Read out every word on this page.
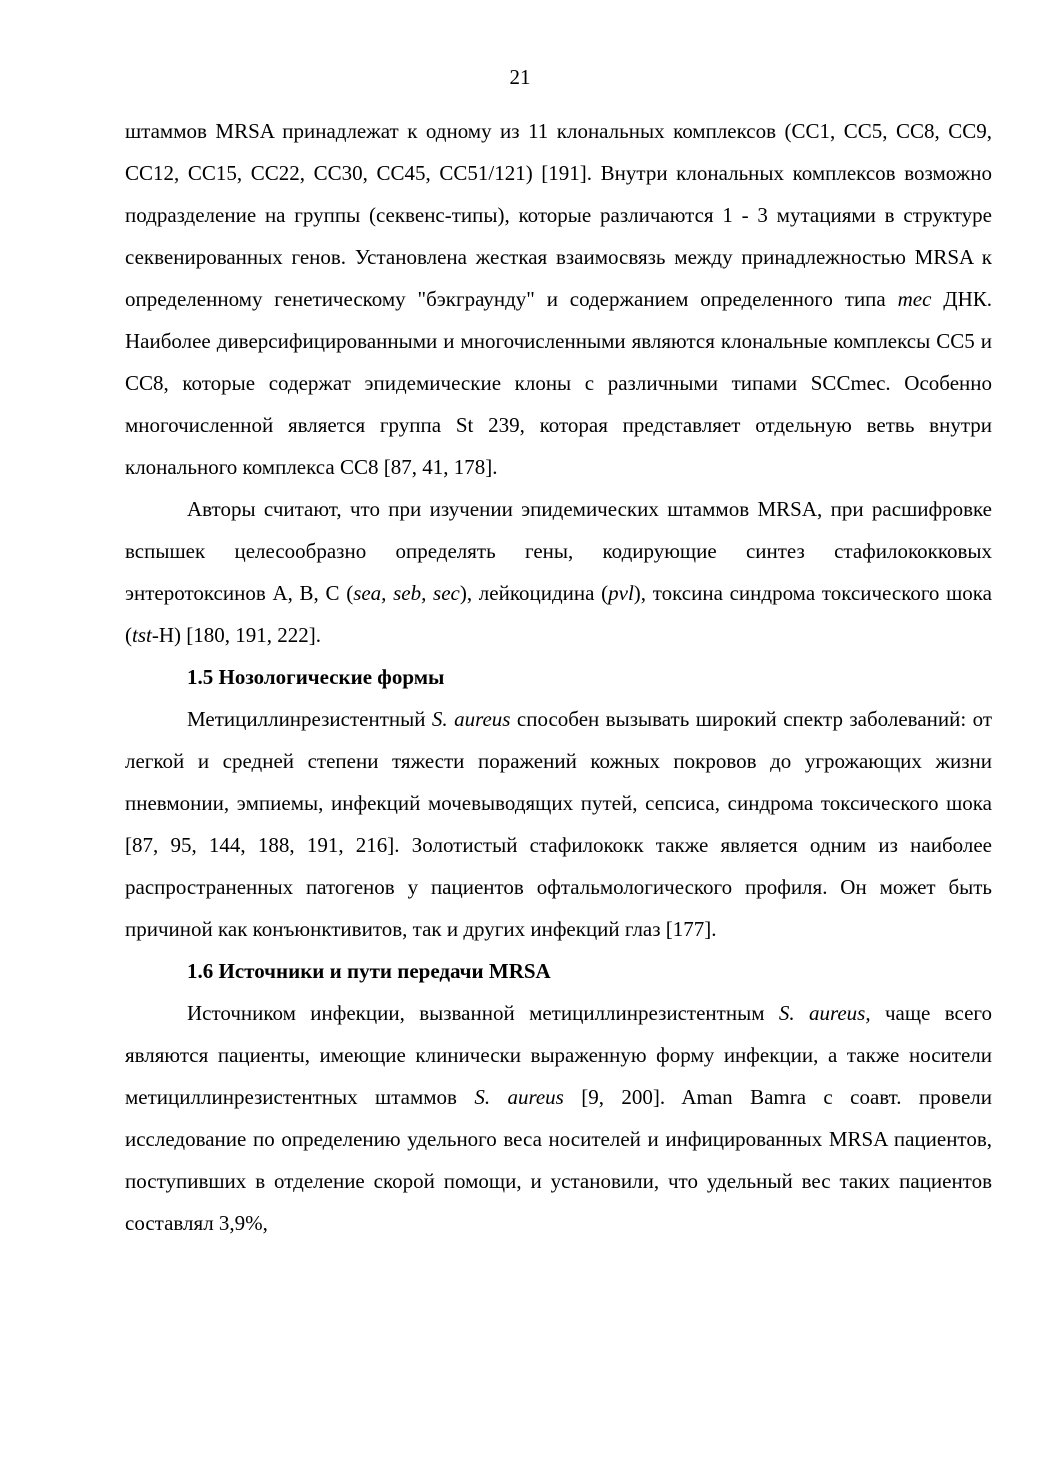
21

штаммов MRSA принадлежат к одному из 11 клональных комплексов (CC1, CC5, CC8, CC9, CC12, CC15, CC22, CC30, CC45, CC51/121) [191]. Внутри клональных комплексов возможно подразделение на группы (секвенс-типы), которые различаются 1 - 3 мутациями в структуре секвенированных генов. Установлена жесткая взаимосвязь между принадлежностью MRSA к определенному генетическому "бэкграунду" и содержанием определенного типа mec ДНК. Наиболее диверсифицированными и многочисленными являются клональные комплексы CC5 и CC8, которые содержат эпидемические клоны с различными типами SCCmec. Особенно многочисленной является группа St 239, которая представляет отдельную ветвь внутри клонального комплекса CC8 [87, 41, 178].

Авторы считают, что при изучении эпидемических штаммов MRSA, при расшифровке вспышек целесообразно определять гены, кодирующие синтез стафилококковых энтеротоксинов А, В, С (sea, seb, sec), лейкоцидина (pvl), токсина синдрома токсического шока (tst-Н) [180, 191, 222].

1.5 Нозологические формы

Метициллинрезистентный S. aureus способен вызывать широкий спектр заболеваний: от легкой и средней степени тяжести поражений кожных покровов до угрожающих жизни пневмонии, эмпиемы, инфекций мочевыводящих путей, сепсиса, синдрома токсического шока [87, 95, 144, 188, 191, 216]. Золотистый стафилококк также является одним из наиболее распространенных патогенов у пациентов офтальмологического профиля. Он может быть причиной как конъюнктивитов, так и других инфекций глаз [177].

1.6 Источники и пути передачи MRSA

Источником инфекции, вызванной метициллинрезистентным S. aureus, чаще всего являются пациенты, имеющие клинически выраженную форму инфекции, а также носители метициллинрезистентных штаммов S. aureus [9, 200]. Aman Bamra с соавт. провели исследование по определению удельного веса носителей и инфицированных MRSA пациентов, поступивших в отделение скорой помощи, и установили, что удельный вес таких пациентов составлял 3,9%,
